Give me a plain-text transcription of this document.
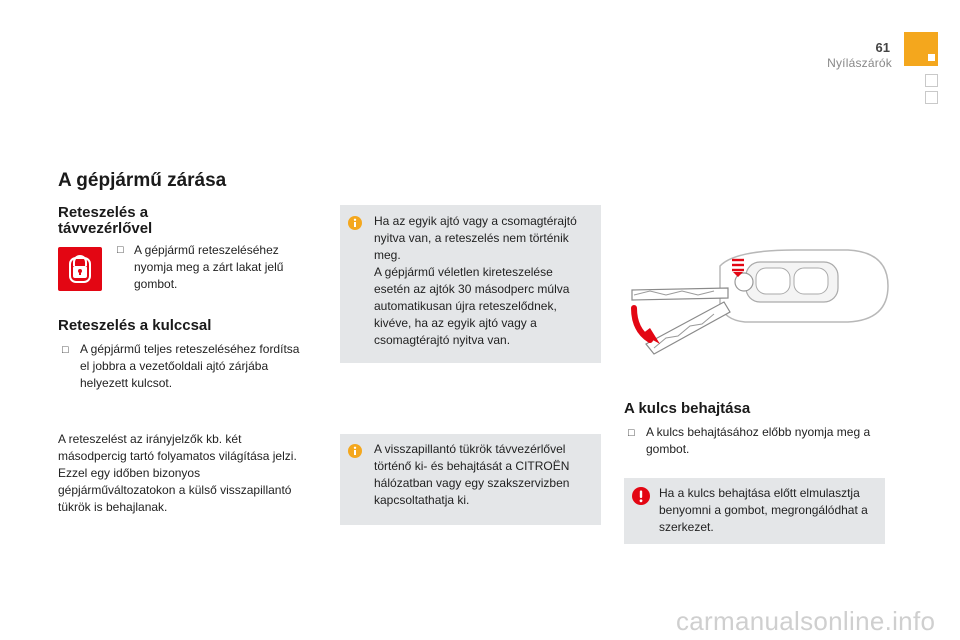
61
Nyílászárók
A gépjármű zárása
Reteszelés a
távvezérlővel
□ A gépjármű reteszeléséhez
nyomja meg a zárt lakat jelű
gombot.
Reteszelés a kulccsal
□ A gépjármű teljes reteszeléséhez fordítsa
el jobbra a vezetőoldali ajtó zárjába
helyezett kulcsot.
A reteszelést az irányjelzők kb. két
másodpercig tartó folyamatos világítása jelzi.
Ezzel egy időben bizonyos
gépjárműváltozatokon a külső visszapillantó
tükrök is behajlanak.
Ha az egyik ajtó vagy a csomagtérajtó
nyitva van, a reteszelés nem történik
meg.
A gépjármű véletlen kireteszelése
esetén az ajtók 30 másodperc múlva
automatikusan újra reteszelődnek,
kivéve, ha az egyik ajtó vagy a
csomagtérajtó nyitva van.
A visszapillantó tükrök távvezérlővel
történő ki- és behajtását a CITROËN
hálózatban vagy egy szakszervizben
kapcsoltathatja ki.
A kulcs behajtása
□ A kulcs behajtásához előbb nyomja meg a
gombot.
Ha a kulcs behajtása előtt elmulasztja
benyomni a gombot, megrongálódhat a
szerkezet.
carmanualsonline.info
